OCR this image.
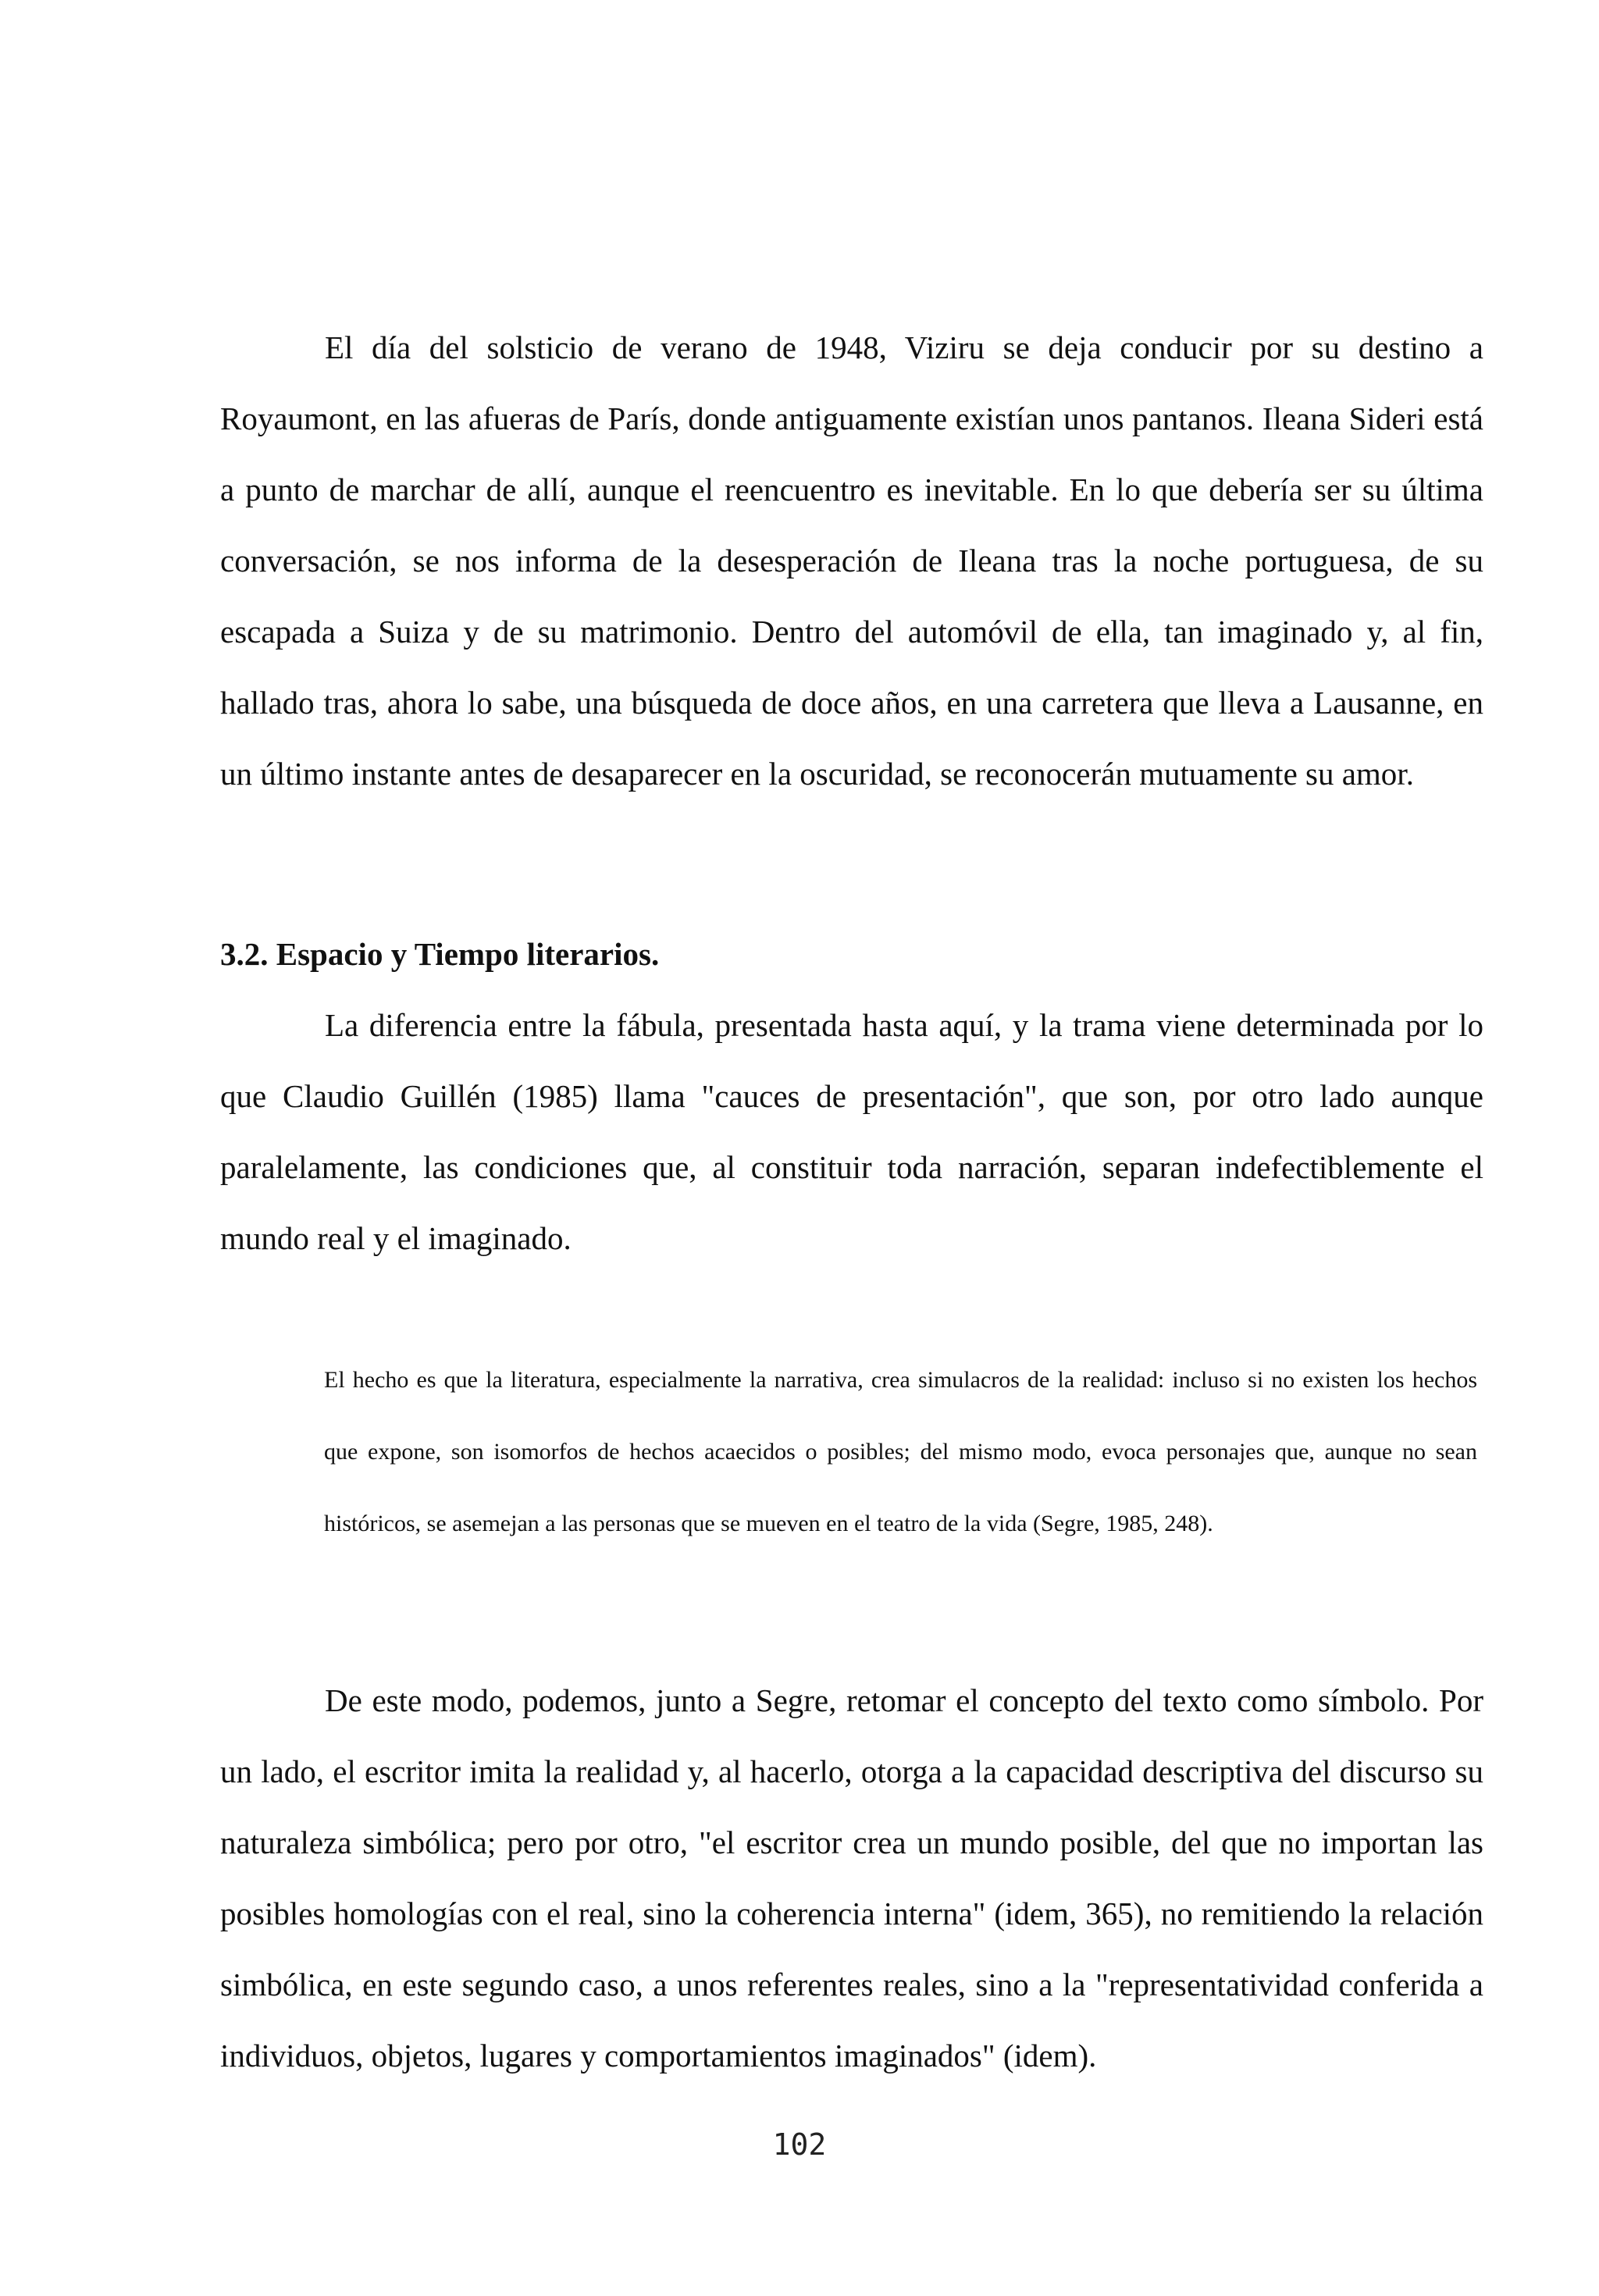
El día del solsticio de verano de 1948, Viziru se deja conducir por su destino a Royaumont, en las afueras de París, donde antiguamente existían unos pantanos. Ileana Sideri está a punto de marchar de allí, aunque el reencuentro es inevitable. En lo que debería ser su última conversación, se nos informa de la desesperación de Ileana tras la noche portuguesa, de su escapada a Suiza y de su matrimonio. Dentro del automóvil de ella, tan imaginado y, al fin, hallado tras, ahora lo sabe, una búsqueda de doce años, en una carretera que lleva a Lausanne, en un último instante antes de desaparecer en la oscuridad, se reconocerán mutuamente su amor.

3.2. Espacio y Tiempo literarios.

La diferencia entre la fábula, presentada hasta aquí, y la trama viene determinada por lo que Claudio Guillén (1985) llama "cauces de presentación", que son, por otro lado aunque paralelamente, las condiciones que, al constituir toda narración, separan indefectiblemente el mundo real y el imaginado.

El hecho es que la literatura, especialmente la narrativa, crea simulacros de la realidad: incluso si no existen los hechos que expone, son isomorfos de hechos acaecidos o posibles; del mismo modo, evoca personajes que, aunque no sean históricos, se asemejan a las personas que se mueven en el teatro de la vida (Segre, 1985, 248).

De este modo, podemos, junto a Segre, retomar el concepto del texto como símbolo. Por un lado, el escritor imita la realidad y, al hacerlo, otorga a la capacidad descriptiva del discurso su naturaleza simbólica; pero por otro, "el escritor crea un mundo posible, del que no importan las posibles homologías con el real, sino la coherencia interna" (idem, 365), no remitiendo la relación simbólica, en este segundo caso, a unos referentes reales, sino a la "representatividad conferida a individuos, objetos, lugares y comportamientos imaginados" (idem).

102
